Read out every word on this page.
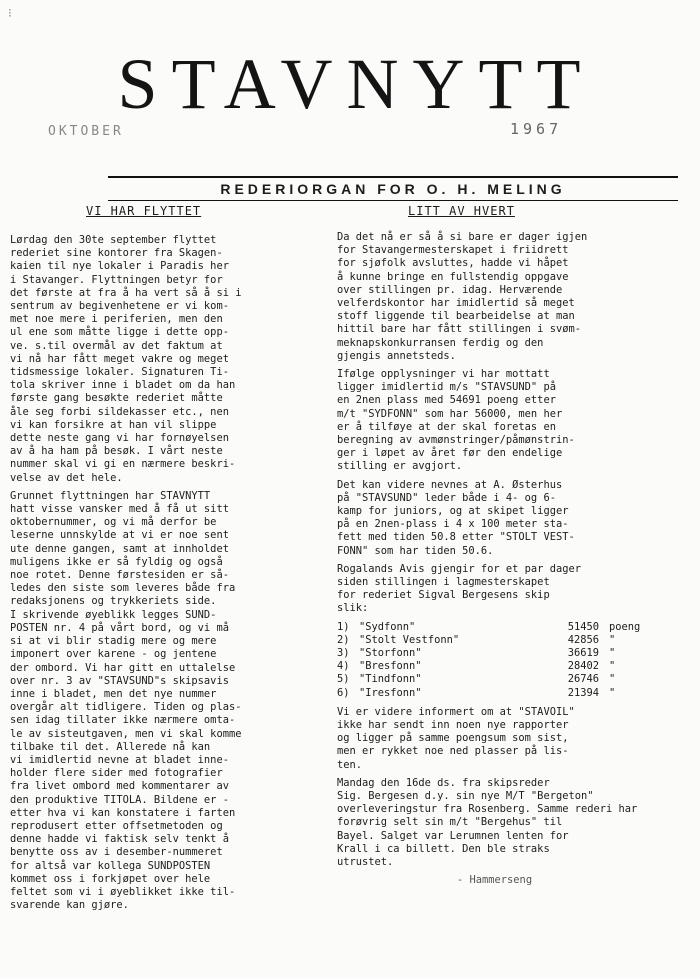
⁝
STAVNYTT
OKTOBER	1967
REDERIORGAN FOR O. H. MELING
VI HAR FLYTTET	LITT AV HVERT

Lørdag den 30te september flyttet
rederiet sine kontorer fra Skagen-
kaien til nye lokaler i Paradis her
i Stavanger. Flyttningen betyr for
det første at fra å ha vert så å si i
sentrum av begivenhetene er vi kom-
met noe mere i periferien, men den
ul ene som måtte ligge i dette opp-
ve. s.til overmål av det faktum at
vi nå har fått meget vakre og meget
tidsmessige lokaler. Signaturen Ti-
tola skriver inne i bladet om da han
første gang besøkte rederiet måtte
åle seg forbi sildekasser etc., nen
vi kan forsikre at han vil slippe
dette neste gang vi har fornøyelsen
av å ha ham på besøk. I vårt neste
nummer skal vi gi en nærmere beskri-
velse av det hele.

Grunnet flyttningen har STAVNYTT
hatt visse vansker med å få ut sitt
oktobernummer, og vi må derfor be
leserne unnskylde at vi er noe sent
ute denne gangen, samt at innholdet
muligens ikke er så fyldig og også
noe rotet. Denne førstesiden er så-
ledes den siste som leveres både fra
redaksjonens og trykkeriets side.
I skrivende øyeblikk legges SUND-
POSTEN nr. 4 på vårt bord, og vi må
si at vi blir stadig mere og mere
imponert over karene - og jentene
der ombord. Vi har gitt en uttalelse
over nr. 3 av "STAVSUND"s skipsavis
inne i bladet, men det nye nummer
overgår alt tidligere. Tiden og plas-
sen idag tillater ikke nærmere omta-
le av sisteutgaven, men vi skal komme
tilbake til det. Allerede nå kan
vi imidlertid nevne at bladet inne-
holder flere sider med fotografier
fra livet ombord med kommentarer av
den produktive TITOLA. Bildene er -
etter hva vi kan konstatere i farten
reprodusert etter offsetmetoden og
denne hadde vi faktisk selv tenkt å
benytte oss av i desember-nummeret
for altså var kollega SUNDPOSTEN
kommet oss i forkjøpet over hele
feltet som vi i øyeblikket ikke til-
svarende kan gjøre.

Da det nå er så å si bare er dager igjen
for Stavangermesterskapet i friidrett
for sjøfolk avsluttes, hadde vi håpet
å kunne bringe en fullstendig oppgave
over stillingen pr. idag. Herværende
velferdskontor har imidlertid så meget
stoff liggende til bearbeidelse at man
hittil bare har fått stillingen i svøm-
meknapskonkurransen ferdig og den
gjengis annetsteds.

Ifølge opplysninger vi har mottatt
ligger imidlertid m/s "STAVSUND" på
en 2nen plass med 54691 poeng etter
m/t "SYDFONN" som har 56000, men her
er å tilføye at der skal foretas en
beregning av avmønstringer/påmønstrin-
ger i løpet av året før den endelige
stilling er avgjort.

Det kan videre nevnes at A. Østerhus
på "STAVSUND" leder både i 4- og 6-
kamp for juniors, og at skipet ligger
på en 2nen-plass i 4 x 100 meter sta-
fett med tiden 50.8 etter "STOLT VEST-
FONN" som har tiden 50.6.

Rogalands Avis gjengir for et par dager
siden stillingen i lagmesterskapet
for rederiet Sigval Bergesens skip
slik:

1) "Sydfonn"	51450 poeng
2) "Stolt Vestfonn"	42856 "
3) "Storfonn"	36619 "
4) "Bresfonn"	28402 "
5) "Tindfonn"	26746 "
6) "Iresfonn"	21394 "

Vi er videre informert om at "STAVOIL"
ikke har sendt inn noen nye rapporter
og ligger på samme poengsum som sist,
men er rykket noe ned plasser på lis-
ten.

Mandag den 16de ds. fra skipsreder
Sig. Bergesen d.y. sin nye M/T "Bergeton"
overleveringstur fra Rosenberg. Samme rederi har
forøvrig selt sin m/t "Bergehus" til
Bayel. Salget var Lerumnen lenten for
Krall i ca billett. Den ble straks
utrustet.

- Hammerseng
